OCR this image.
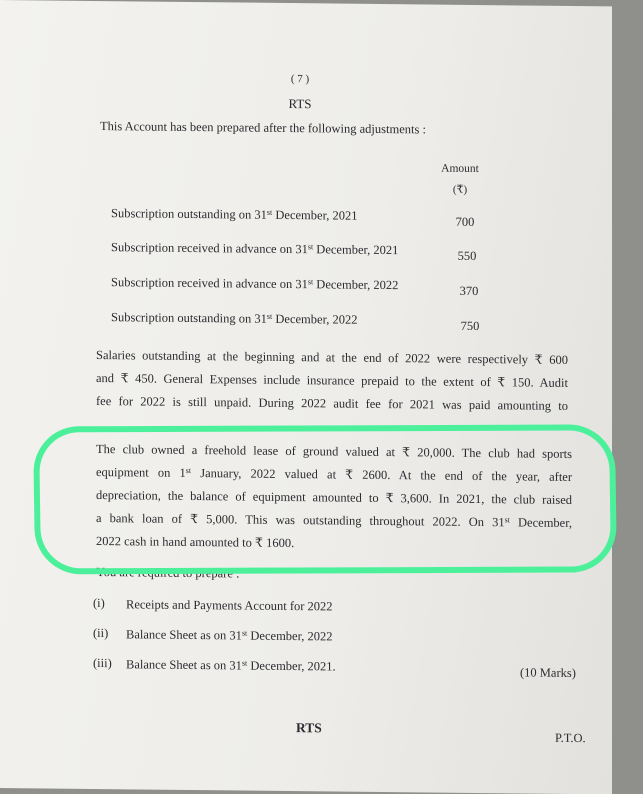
( 7 )
RTS
This Account has been prepared after the following adjustments :
Amount
(₹)
Subscription outstanding on 31st December, 2021	700
Subscription received in advance on 31st December, 2021	550
Subscription received in advance on 31st December, 2022	370
Subscription outstanding on 31st December, 2022	750
Salaries outstanding at the beginning and at the end of 2022 were respectively ₹ 600
and ₹ 450. General Expenses include insurance prepaid to the extent of ₹ 150. Audit
fee for 2022 is still unpaid. During 2022 audit fee for 2021 was paid amounting to
The club owned a freehold lease of ground valued at ₹ 20,000. The club had sports
equipment on 1st January, 2022 valued at ₹ 2600. At the end of the year, after
depreciation, the balance of equipment amounted to ₹ 3,600. In 2021, the club raised
a bank loan of ₹ 5,000. This was outstanding throughout 2022. On 31st December,
2022 cash in hand amounted to ₹ 1600.
You are required to prepare :
(i) Receipts and Payments Account for 2022
(ii) Balance Sheet as on 31st December, 2022
(iii) Balance Sheet as on 31st December, 2021.	(10 Marks)
RTS
P.T.O.
